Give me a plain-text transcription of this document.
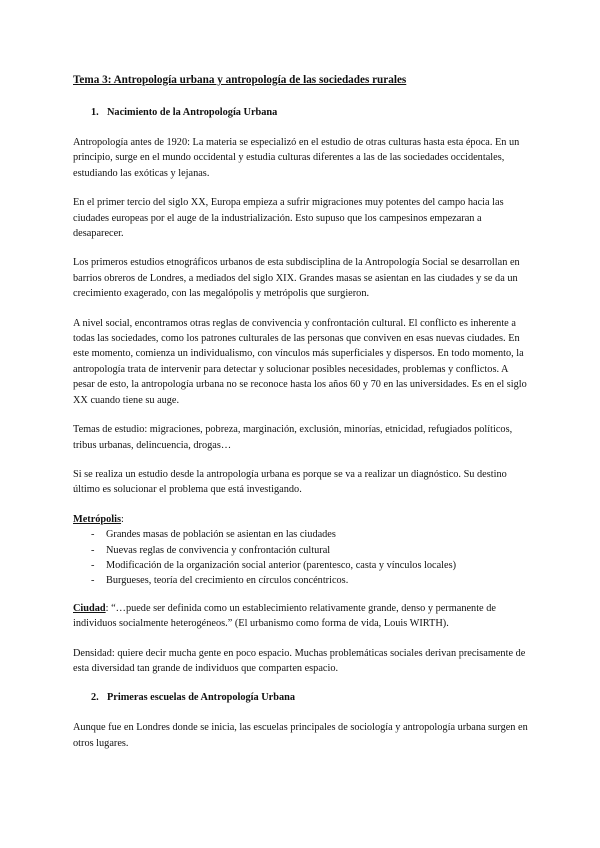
Tema 3: Antropología urbana y antropología de las sociedades rurales
1. Nacimiento de la Antropología Urbana

Antropología antes de 1920: La materia se especializó en el estudio de otras culturas hasta esta época. En un principio, surge en el mundo occidental y estudia culturas diferentes a las de las sociedades occidentales, estudiando las exóticas y lejanas.

En el primer tercio del siglo XX, Europa empieza a sufrir migraciones muy potentes del campo hacia las ciudades europeas por el auge de la industrialización. Esto supuso que los campesinos empezaran a desaparecer.

Los primeros estudios etnográficos urbanos de esta subdisciplina de la Antropología Social se desarrollan en barrios obreros de Londres, a mediados del siglo XIX. Grandes masas se asientan en las ciudades y se da un crecimiento exagerado, con las megalópolis y metrópolis que surgieron.

A nivel social, encontramos otras reglas de convivencia y confrontación cultural. El conflicto es inherente a todas las sociedades, como los patrones culturales de las personas que conviven en esas nuevas ciudades. En este momento, comienza un individualismo, con vínculos más superficiales y dispersos. En todo momento, la antropología trata de intervenir para detectar y solucionar posibles necesidades, problemas y conflictos. A pesar de esto, la antropología urbana no se reconoce hasta los años 60 y 70 en las universidades. Es en el siglo XX cuando tiene su auge.

Temas de estudio: migraciones, pobreza, marginación, exclusión, minorías, etnicidad, refugiados políticos, tribus urbanas, delincuencia, drogas…

Si se realiza un estudio desde la antropología urbana es porque se va a realizar un diagnóstico. Su destino último es solucionar el problema que está investigando.

Metrópolis:

- Grandes masas de población se asientan en las ciudades
- Nuevas reglas de convivencia y confrontación cultural
- Modificación de la organización social anterior (parentesco, casta y vínculos locales)
- Burgueses, teoría del crecimiento en círculos concéntricos.

Ciudad: “…puede ser definida como un establecimiento relativamente grande, denso y permanente de individuos socialmente heterogéneos.” (El urbanismo como forma de vida, Louis WIRTH).

Densidad: quiere decir mucha gente en poco espacio. Muchas problemáticas sociales derivan precisamente de esta diversidad tan grande de individuos que comparten espacio.

2. Primeras escuelas de Antropología Urbana

Aunque fue en Londres donde se inicia, las escuelas principales de sociología y antropología urbana surgen en otros lugares.
